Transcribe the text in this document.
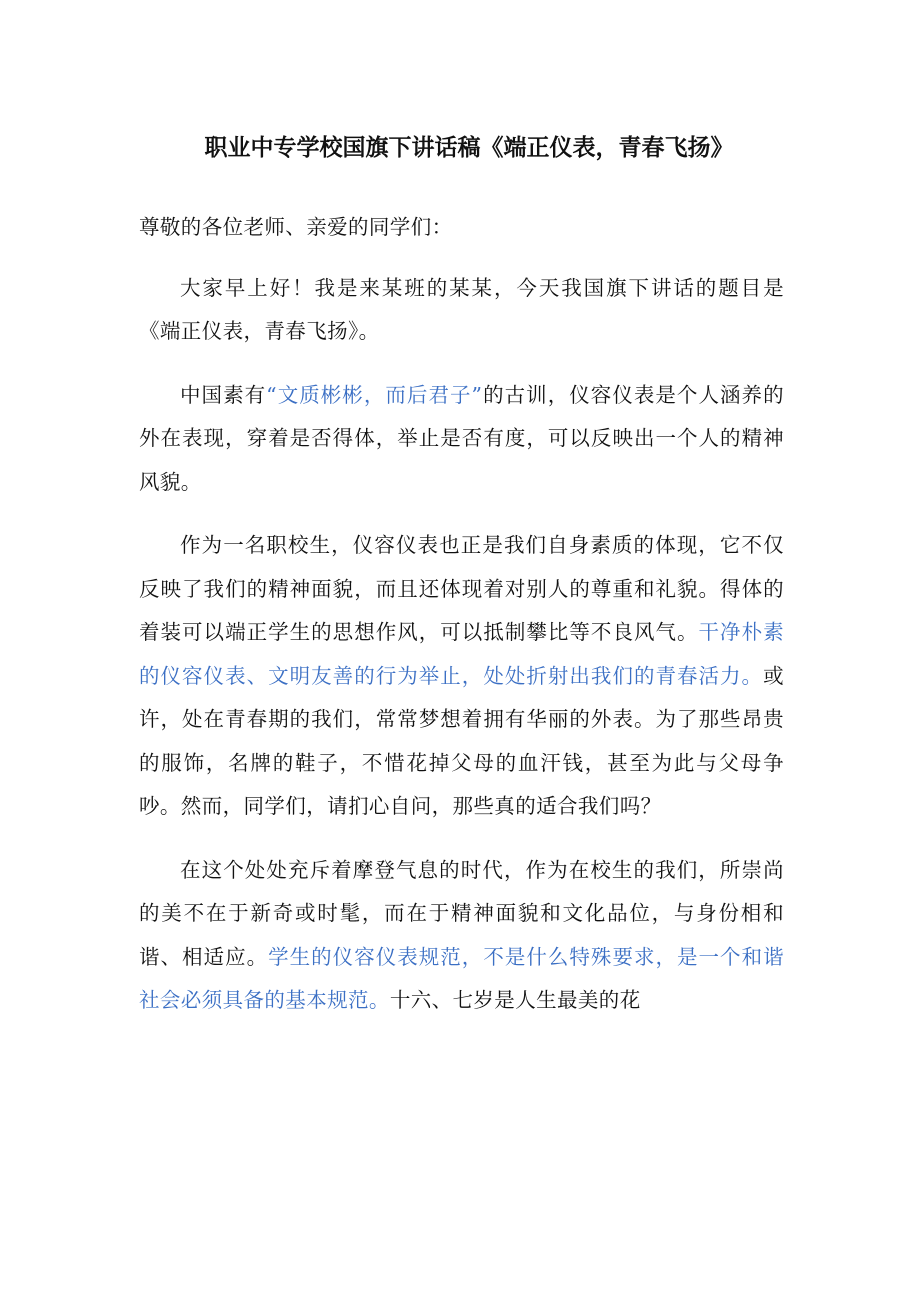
职业中专学校国旗下讲话稿《端正仪表，青春飞扬》

尊敬的各位老师、亲爱的同学们：

大家早上好！我是来某班的某某，今天我国旗下讲话的题目是《端正仪表，青春飞扬》。

中国素有“文质彬彬，而后君子”的古训，仪容仪表是个人涵养的外在表现，穿着是否得体，举止是否有度，可以反映出一个人的精神风貌。

作为一名职校生，仪容仪表也正是我们自身素质的体现，它不仅反映了我们的精神面貌，而且还体现着对别人的尊重和礼貌。得体的着装可以端正学生的思想作风，可以抵制攀比等不良风气。干净朴素的仪容仪表、文明友善的行为举止，处处折射出我们的青春活力。或许，处在青春期的我们，常常梦想着拥有华丽的外表。为了那些昂贵的服饰，名牌的鞋子，不惜花掉父母的血汗钱，甚至为此与父母争吵。然而，同学们，请扪心自问，那些真的适合我们吗？

在这个处处充斥着摩登气息的时代，作为在校生的我们，所崇尚的美不在于新奇或时髦，而在于精神面貌和文化品位，与身份相和谐、相适应。学生的仪容仪表规范，不是什么特殊要求，是一个和谐社会必须具备的基本规范。十六、七岁是人生最美的花
